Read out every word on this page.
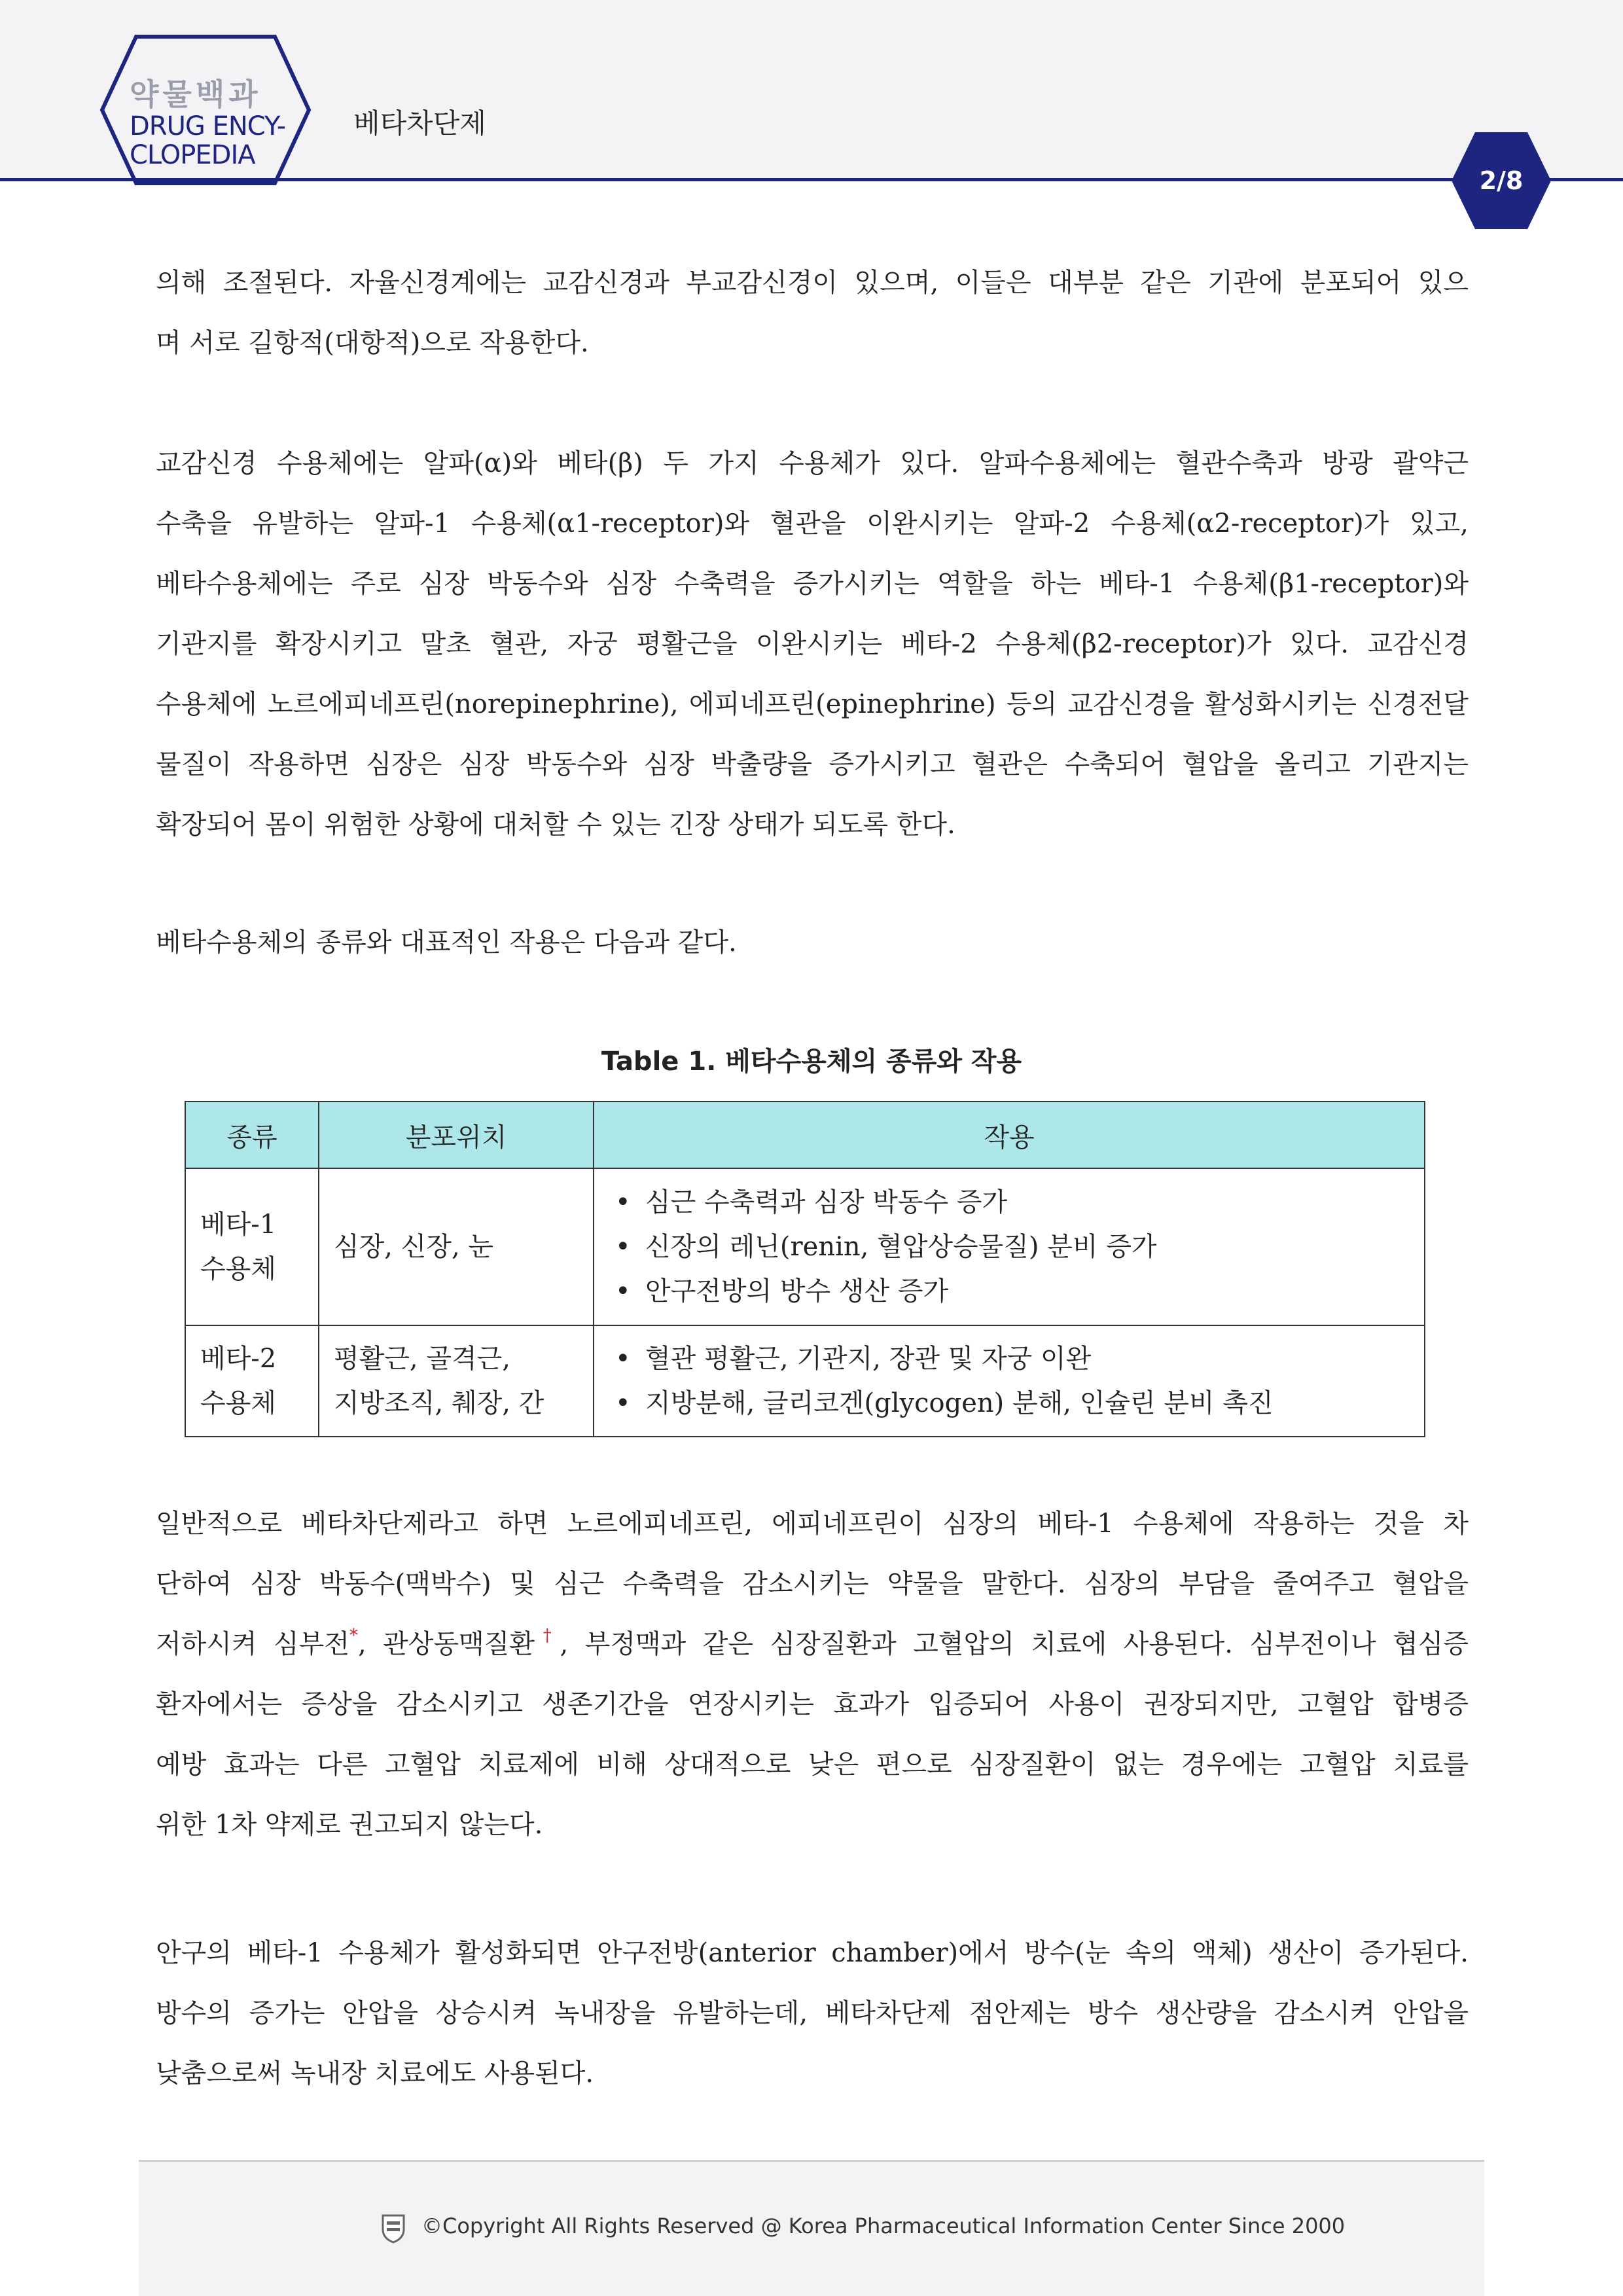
약물백과
DRUG ENCY-
CLOPEDIA
베타차단제
2/8
의해 조절된다. 자율신경계에는 교감신경과 부교감신경이 있으며, 이들은 대부분 같은 기관에 분포되어 있으
며 서로 길항적(대항적)으로 작용한다.
교감신경 수용체에는 알파(α)와 베타(β) 두 가지 수용체가 있다. 알파수용체에는 혈관수축과 방광 괄약근
수축을 유발하는 알파-1 수용체(α1-receptor)와 혈관을 이완시키는 알파-2 수용체(α2-receptor)가 있고,
베타수용체에는 주로 심장 박동수와 심장 수축력을 증가시키는 역할을 하는 베타-1 수용체(β1-receptor)와
기관지를 확장시키고 말초 혈관, 자궁 평활근을 이완시키는 베타-2 수용체(β2-receptor)가 있다. 교감신경
수용체에 노르에피네프린(norepinephrine), 에피네프린(epinephrine) 등의 교감신경을 활성화시키는 신경전달
물질이 작용하면 심장은 심장 박동수와 심장 박출량을 증가시키고 혈관은 수축되어 혈압을 올리고 기관지는
확장되어 몸이 위험한 상황에 대처할 수 있는 긴장 상태가 되도록 한다.
베타수용체의 종류와 대표적인 작용은 다음과 같다.
Table 1. 베타수용체의 종류와 작용
종류	분포위치	작용

베타-1
수용체	심장, 신장, 눈	• 심근 수축력과 심장 박동수 증가
• 신장의 레닌(renin, 혈압상승물질) 분비 증가
• 안구전방의 방수 생산 증가

베타-2
수용체	평활근, 골격근,
지방조직, 췌장, 간	• 혈관 평활근, 기관지, 장관 및 자궁 이완
• 지방분해, 글리코겐(glycogen) 분해, 인슐린 분비 촉진
일반적으로 베타차단제라고 하면 노르에피네프린, 에피네프린이 심장의 베타-1 수용체에 작용하는 것을 차
단하여 심장 박동수(맥박수) 및 심근 수축력을 감소시키는 약물을 말한다. 심장의 부담을 줄여주고 혈압을
저하시켜 심부전*, 관상동맥질환†, 부정맥과 같은 심장질환과 고혈압의 치료에 사용된다. 심부전이나 협심증
환자에서는 증상을 감소시키고 생존기간을 연장시키는 효과가 입증되어 사용이 권장되지만, 고혈압 합병증
예방 효과는 다른 고혈압 치료제에 비해 상대적으로 낮은 편으로 심장질환이 없는 경우에는 고혈압 치료를
위한 1차 약제로 권고되지 않는다.
안구의 베타-1 수용체가 활성화되면 안구전방(anterior chamber)에서 방수(눈 속의 액체) 생산이 증가된다.
방수의 증가는 안압을 상승시켜 녹내장을 유발하는데, 베타차단제 점안제는 방수 생산량을 감소시켜 안압을
낮춤으로써 녹내장 치료에도 사용된다.
©Copyright All Rights Reserved @ Korea Pharmaceutical Information Center Since 2000
